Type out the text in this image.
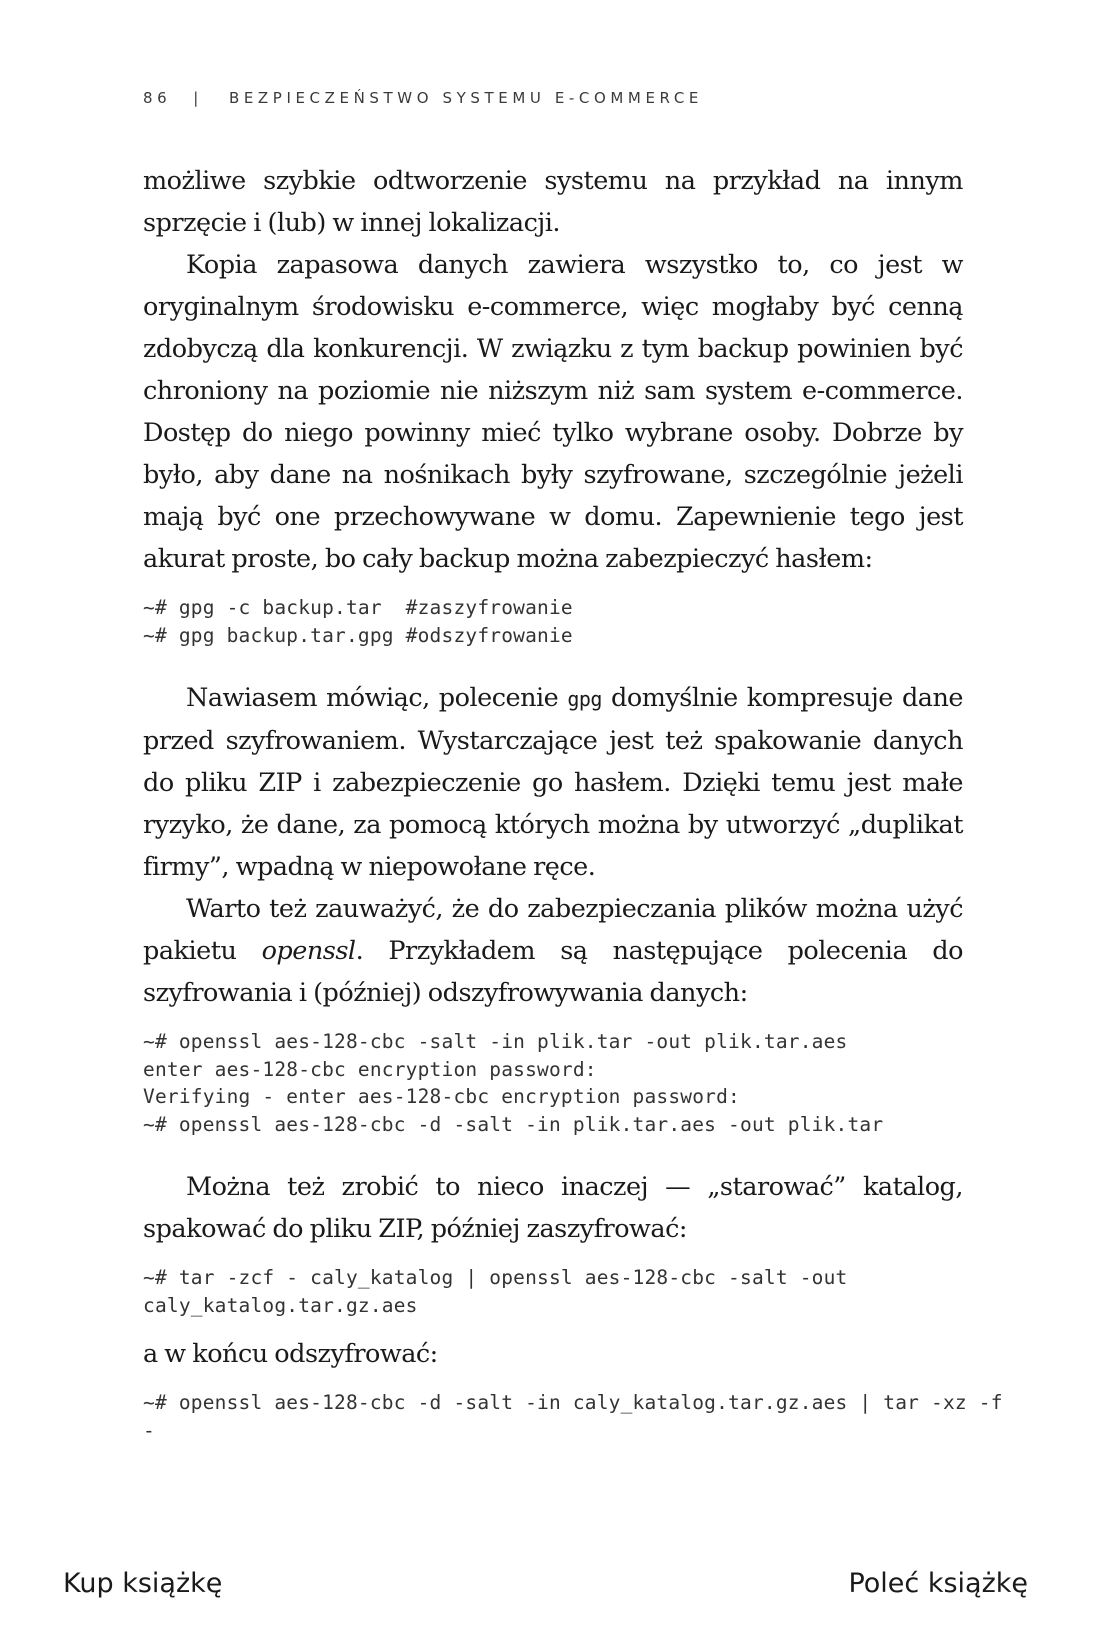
86 | BEZPIECZEŃSTWO SYSTEMU E-COMMERCE

możliwe szybkie odtworzenie systemu na przykład na innym sprzęcie i (lub) w innej lokalizacji.

Kopia zapasowa danych zawiera wszystko to, co jest w oryginalnym środowisku e-commerce, więc mogłaby być cenną zdobyczą dla konkurencji. W związku z tym backup powinien być chroniony na poziomie nie niższym niż sam system e-commerce. Dostęp do niego powinny mieć tylko wybrane osoby. Dobrze by było, aby dane na nośnikach były szyfrowane, szczególnie jeżeli mają być one przechowywane w domu. Zapewnienie tego jest akurat proste, bo cały backup można zabezpieczyć hasłem:

~# gpg -c backup.tar  #zaszyfrowanie
~# gpg backup.tar.gpg #odszyfrowanie

Nawiasem mówiąc, polecenie gpg domyślnie kompresuje dane przed szyfrowaniem. Wystarczające jest też spakowanie danych do pliku ZIP i zabezpieczenie go hasłem. Dzięki temu jest małe ryzyko, że dane, za pomocą których można by utworzyć „duplikat firmy”, wpadną w niepowołane ręce.

Warto też zauważyć, że do zabezpieczania plików można użyć pakietu openssl. Przykładem są następujące polecenia do szyfrowania i (później) odszyfrowywania danych:

~# openssl aes-128-cbc -salt -in plik.tar -out plik.tar.aes
enter aes-128-cbc encryption password:
Verifying - enter aes-128-cbc encryption password:
~# openssl aes-128-cbc -d -salt -in plik.tar.aes -out plik.tar

Można też zrobić to nieco inaczej — „starować” katalog, spakować do pliku ZIP, później zaszyfrować:

~# tar -zcf - caly_katalog | openssl aes-128-cbc -salt -out
caly_katalog.tar.gz.aes

a w końcu odszyfrować:

~# openssl aes-128-cbc -d -salt -in caly_katalog.tar.gz.aes | tar -xz -f
-
Kup książkę	Poleć książkę
